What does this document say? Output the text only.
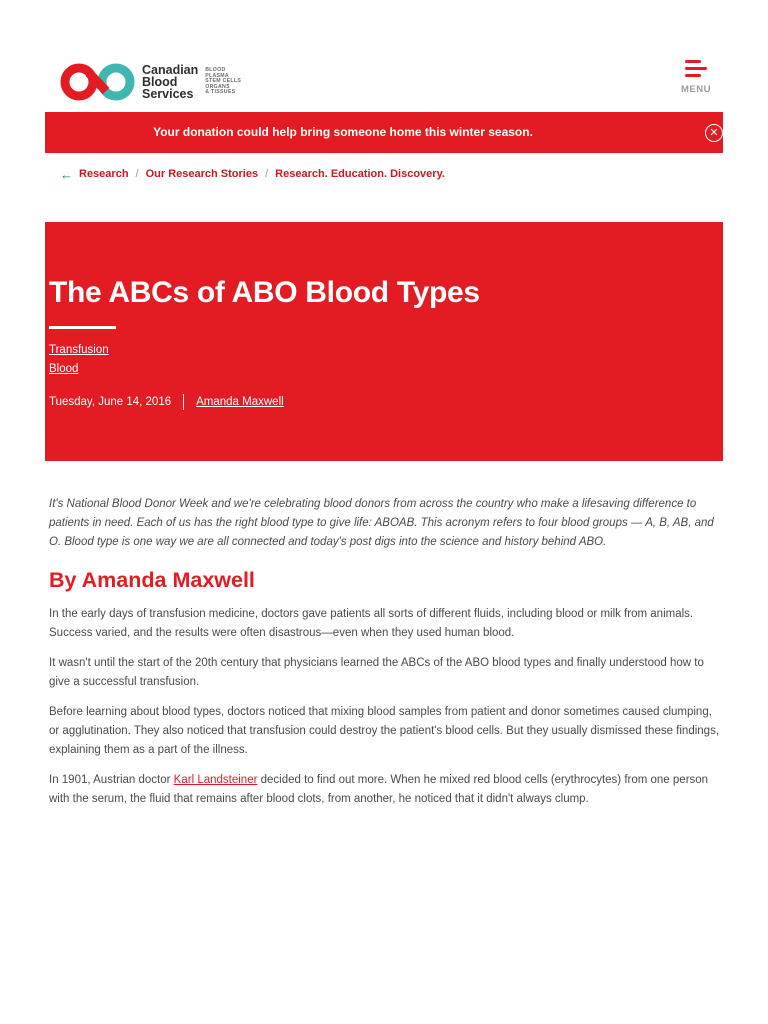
Canadian
Blood
Services
BLOOD
PLASMA
STEM CELLS
ORGANS
& TISSUES	MENU
Your donation could help bring someone home this winter season.	✕
← Research / Our Research Stories / Research. Education. Discovery.
The ABCs of ABO Blood Types
Transfusion
Blood
Tuesday, June 14, 2016 Amanda Maxwell

It's National Blood Donor Week and we're celebrating blood donors from across the country who make a lifesaving difference to patients in need. Each of us has the right blood type to give life: ABOAB. This acronym refers to four blood groups — A, B, AB, and O. Blood type is one way we are all connected and today's post digs into the science and history behind ABO.

By Amanda Maxwell

In the early days of transfusion medicine, doctors gave patients all sorts of different fluids, including blood or milk from animals. Success varied, and the results were often disastrous—even when they used human blood.

It wasn't until the start of the 20th century that physicians learned the ABCs of the ABO blood types and finally understood how to give a successful transfusion.

Before learning about blood types, doctors noticed that mixing blood samples from patient and donor sometimes caused clumping, or agglutination. They also noticed that transfusion could destroy the patient's blood cells. But they usually dismissed these findings, explaining them as a part of the illness.

In 1901, Austrian doctor Karl Landsteiner decided to find out more. When he mixed red blood cells (erythrocytes) from one person with the serum, the fluid that remains after blood clots, from another, he noticed that it didn't always clump.
